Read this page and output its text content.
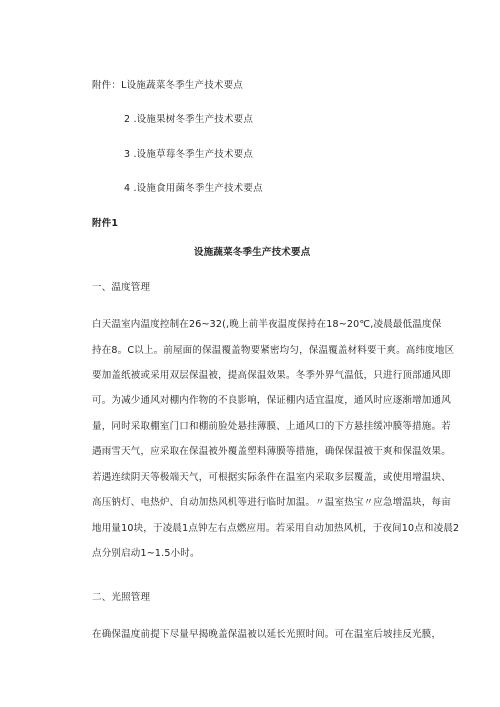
附件：L设施蔬菜冬季生产技术要点

2 .设施果树冬季生产技术要点

3 .设施草莓冬季生产技术要点

4 .设施食用菌冬季生产技术要点

附件1

设施蔬菜冬季生产技术要点

一、温度管理

白天温室内温度控制在26~32(,晚上前半夜温度保持在18~20℃,凌晨最低温度保

持在8。C以上。前屋面的保温覆盖物要紧密均匀，保温覆盖材料要干爽。高纬度地区

要加盖纸被或采用双层保温被，提高保温效果。冬季外界气温低，只进行顶部通风即

可。为减少通风对棚内作物的不良影响，保证棚内适宜温度，通风时应逐渐增加通风

量，同时采取棚室门口和棚前脸处悬挂薄膜、上通风口的下方悬挂缓冲膜等措施。若

遇雨雪天气，应采取在保温被外覆盖塑料薄膜等措施，确保保温被干爽和保温效果。

若遇连续阴天等极端天气，可根据实际条件在温室内采取多层覆盖，或使用增温块、

高压钠灯、电热炉、自动加热风机等进行临时加温。〃温室热宝〃应急增温块，每亩

地用量10块，于凌晨1点钟左右点燃应用。若采用自动加热风机，于夜间10点和凌晨2

点分别启动1~1.5小时。

二、光照管理

在确保温度前提下尽量早揭晚盖保温被以延长光照时间。可在温室后坡挂反光膜，
